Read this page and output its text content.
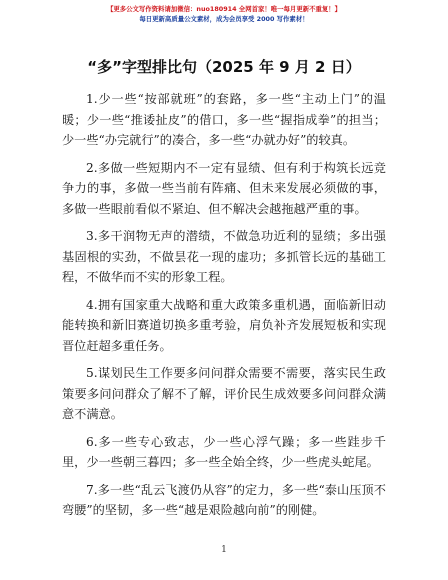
【更多公文写作资料请加微信：nuo180914 全网首家！唯一每月更新不重复！】
每日更新高质量公文素材，成为会员享受 2000 写作素材！
“多”字型排比句（2025 年 9 月 2 日）

1.少一些“按部就班”的套路，多一些“主动上门”的温暖；少一些“推诿扯皮”的借口，多一些“握指成拳”的担当；少一些“办完就行”的凑合，多一些“办就办好”的较真。

2.多做一些短期内不一定有显绩、但有利于构筑长远竞争力的事，多做一些当前有阵痛、但未来发展必须做的事，多做一些眼前看似不紧迫、但不解决会越拖越严重的事。

3.多干润物无声的潜绩，不做急功近利的显绩；多出强基固根的实劲，不做昙花一现的虚功；多抓管长远的基础工程，不做华而不实的形象工程。

4.拥有国家重大战略和重大政策多重机遇，面临新旧动能转换和新旧赛道切换多重考验，肩负补齐发展短板和实现晋位赶超多重任务。

5.谋划民生工作要多问问群众需要不需要，落实民生政策要多问问群众了解不了解，评价民生成效要多问问群众满意不满意。

6.多一些专心致志，少一些心浮气躁；多一些跬步千里，少一些朝三暮四；多一些全始全终，少一些虎头蛇尾。

7.多一些“乱云飞渡仍从容”的定力，多一些“泰山压顶不弯腰”的坚韧，多一些“越是艰险越向前”的刚健。

1
